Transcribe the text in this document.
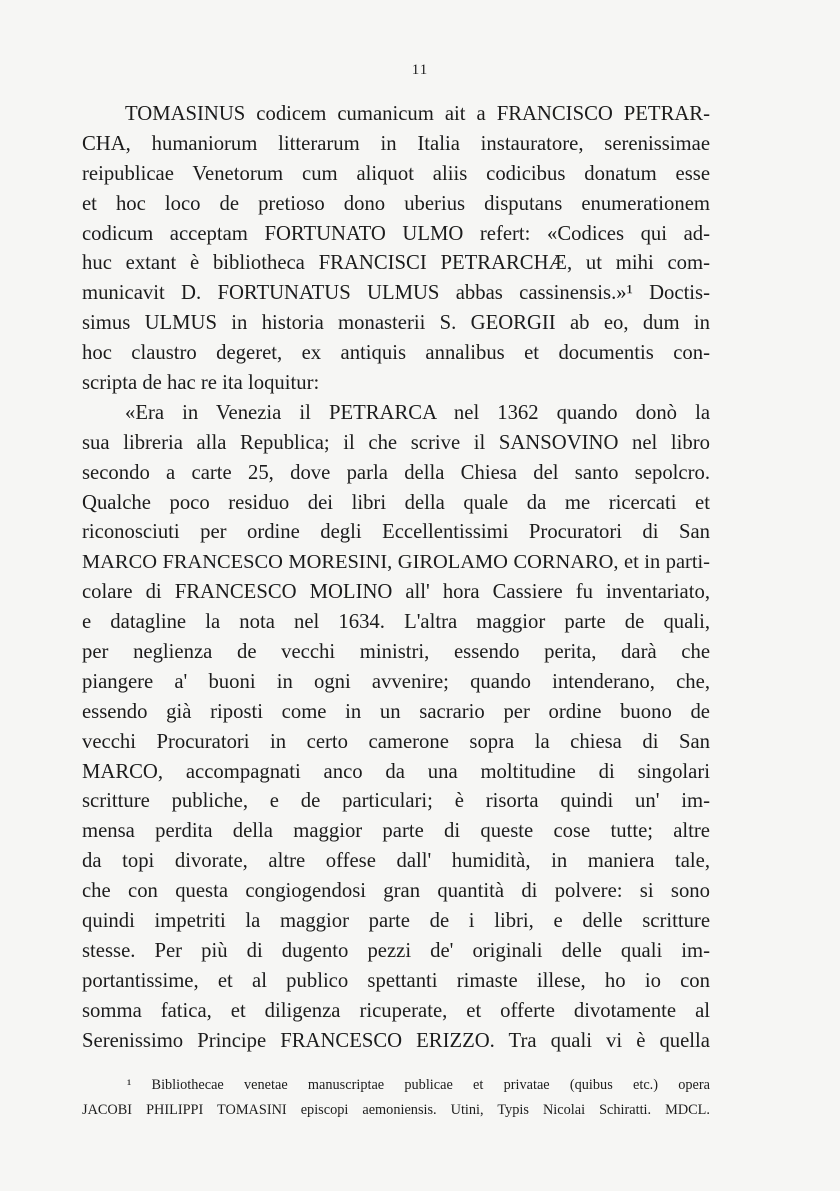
11
TOMASINUS codicem cumanicum ait a FRANCISCO PETRAR-
CHA, humaniorum litterarum in Italia instauratore, serenissimae
reipublicae Venetorum cum aliquot aliis codicibus donatum esse
et hoc loco de pretioso dono uberius disputans enumerationem
codicum acceptam FORTUNATO ULMO refert: «Codices qui ad-
huc extant è bibliotheca FRANCISCI PETRARCHÆ, ut mihi com-
municavit D. FORTUNATUS ULMUS abbas cassinensis.»¹ Doctis-
simus ULMUS in historia monasterii S. GEORGII ab eo, dum in
hoc claustro degeret, ex antiquis annalibus et documentis con-
scripta de hac re ita loquitur:
«Era in Venezia il PETRARCA nel 1362 quando donò la
sua libreria alla Republica; il che scrive il SANSOVINO nel libro
secondo a carte 25, dove parla della Chiesa del santo sepolcro.
Qualche poco residuo dei libri della quale da me ricercati et
riconosciuti per ordine degli Eccellentissimi Procuratori di San
MARCO FRANCESCO MORESINI, GIROLAMO CORNARO, et in parti-
colare di FRANCESCO MOLINO all' hora Cassiere fu inventariato,
e datagline la nota nel 1634. L'altra maggior parte de quali,
per neglienza de vecchi ministri, essendo perita, darà che
piangere a' buoni in ogni avvenire; quando intenderano, che,
essendo già riposti come in un sacrario per ordine buono de
vecchi Procuratori in certo camerone sopra la chiesa di San
MARCO, accompagnati anco da una moltitudine di singolari
scritture publiche, e de particulari; è risorta quindi un' im-
mensa perdita della maggior parte di queste cose tutte; altre
da topi divorate, altre offese dall' humidità, in maniera tale,
che con questa congiogendosi gran quantità di polvere: si sono
quindi impetriti la maggior parte de i libri, e delle scritture
stesse. Per più di dugento pezzi de' originali delle quali im-
portantissime, et al publico spettanti rimaste illese, ho io con
somma fatica, et diligenza ricuperate, et offerte divotamente al
Serenissimo Principe FRANCESCO ERIZZO. Tra quali vi è quella
¹ Bibliothecae venetae manuscriptae publicae et privatae (quibus etc.) opera
JACOBI PHILIPPI TOMASINI episcopi aemoniensis. Utini, Typis Nicolai Schiratti. MDCL.
